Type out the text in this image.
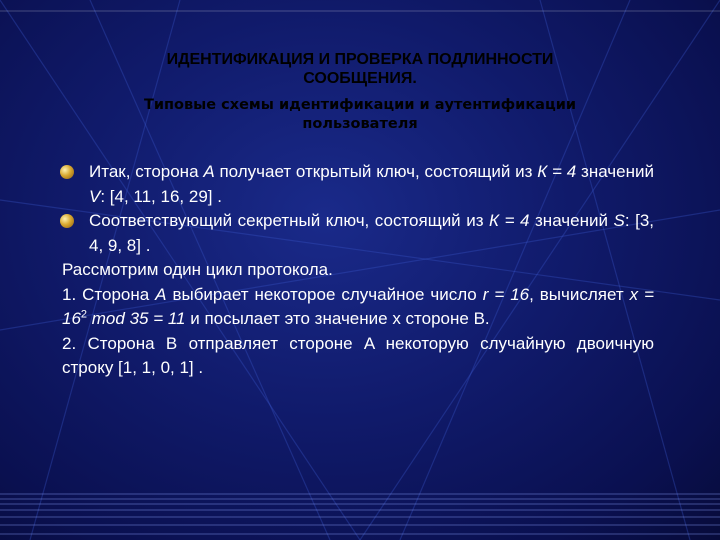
ИДЕНТИФИКАЦИЯ И ПРОВЕРКА ПОДЛИННОСТИ
СООБЩЕНИЯ.
Типовые схемы идентификации и аутентификации
пользователя
Итак, сторона А получает открытый ключ, состоящий из К = 4 значений V: [4, 11, 16, 29] .
Соответствующий секретный ключ, состоящий из К = 4 значений S: [3, 4, 9, 8] .
Рассмотрим один цикл протокола.
1. Сторона А выбирает некоторое случайное число r = 16, вычисляет $x = 16^2$ mod 35 = 11 и посылает это значение x стороне B.
2. Сторона B отправляет стороне A некоторую случайную двоичную строку [1, 1, 0, 1] .
